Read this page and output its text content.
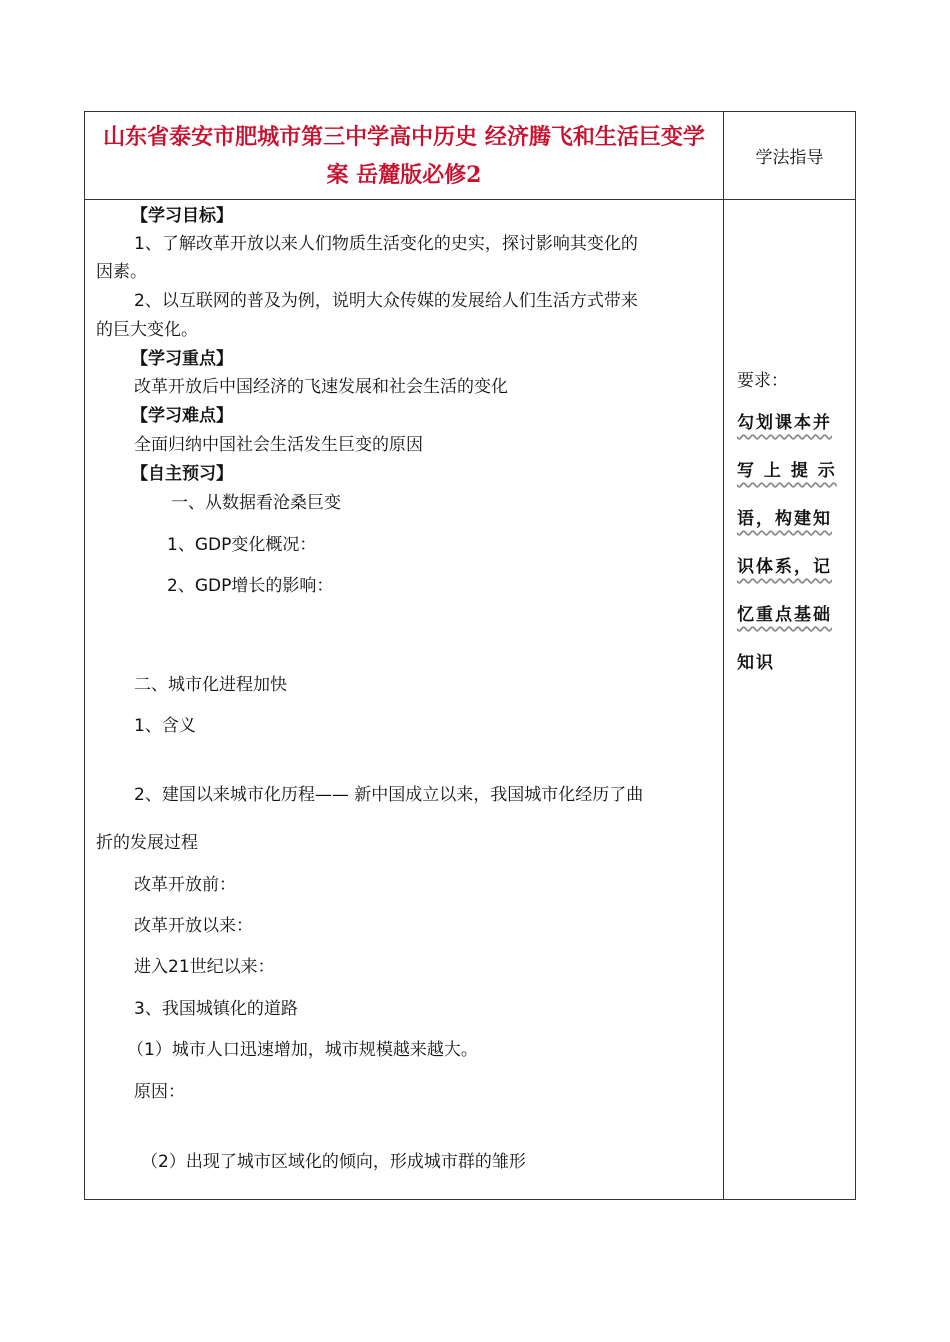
山东省泰安市肥城市第三中学高中历史 经济腾飞和生活巨变学案 岳麓版必修2
学法指导
【学习目标】
1、了解改革开放以来人们物质生活变化的史实，探讨影响其变化的
因素。
2、以互联网的普及为例，说明大众传媒的发展给人们生活方式带来
的巨大变化。
【学习重点】
改革开放后中国经济的飞速发展和社会生活的变化
【学习难点】
全面归纳中国社会生活发生巨变的原因
【自主预习】
一、从数据看沧桑巨变
1、GDP变化概况：
2、GDP增长的影响：
二、城市化进程加快
1、含义
2、建国以来城市化历程—— 新中国成立以来，我国城市化经历了曲
折的发展过程
改革开放前：
改革开放以来：
进入21世纪以来：
3、我国城镇化的道路
（1）城市人口迅速增加，城市规模越来越大。
原因：
（2）出现了城市区域化的倾向，形成城市群的雏形
要求：
勾划课本并
写 上 提 示
语，构建知
识体系，记
忆重点基础
知识
